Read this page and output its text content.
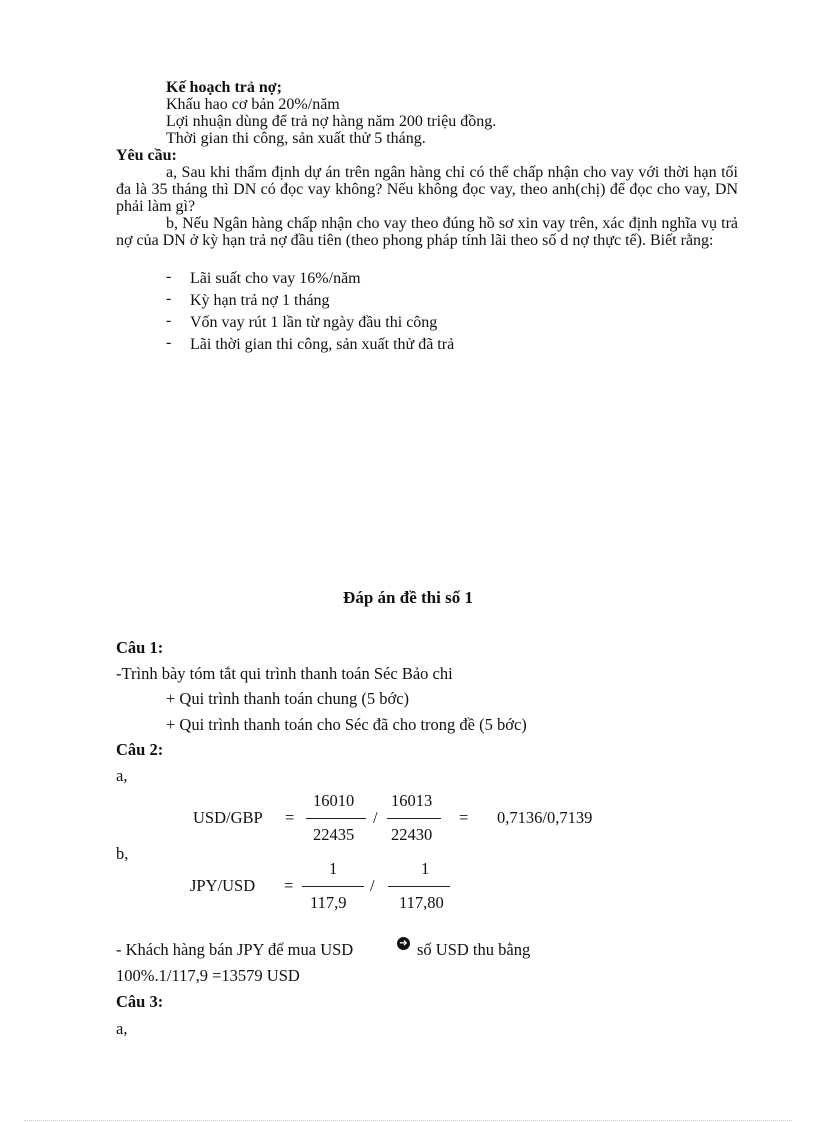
Kế hoạch trả nợ;
Khấu hao cơ bản 20%/năm
Lợi nhuận dùng để trả nợ hàng năm 200 triệu đồng.
Thời gian thi công, sản xuất thử 5 tháng.
Yêu cầu:
a, Sau khi thẩm định dự án trên ngân hàng chỉ có thể chấp nhận cho vay với thời hạn tối đa là 35 tháng thì DN có đọc vay không? Nếu không đọc vay, theo anh(chị) để đọc cho vay, DN phải làm gì?
b, Nếu Ngân hàng chấp nhận cho vay theo đúng hồ sơ xin vay trên, xác định nghĩa vụ trả nợ của DN ở kỳ hạn trả nợ đầu tiên (theo phong pháp tính lãi theo số d nợ thực tế). Biết rằng:
- Lãi suất cho vay 16%/năm
- Kỳ hạn trả nợ 1 tháng
- Vốn vay rút 1 lần từ ngày đầu thi công
- Lãi thời gian thi công, sản xuất thử đã trả
Đáp án đề thi số 1
Câu 1:
-Trình bày tóm tắt qui trình thanh toán Séc Bảo chi
+ Qui trình thanh toán chung (5 bớc)
+ Qui trình thanh toán cho Séc đã cho trong đề (5 bớc)
Câu 2:
a,
USD/GBP =
16010
22435
/
16013
22430
= 0,7136/0,7139
b,
JPY/USD =
1
117,9
/
1
117,80
- Khách hàng bán JPY để mua USD	➜ số USD thu bằng
100%.1/117,9 =13579 USD
Câu 3:
a,
